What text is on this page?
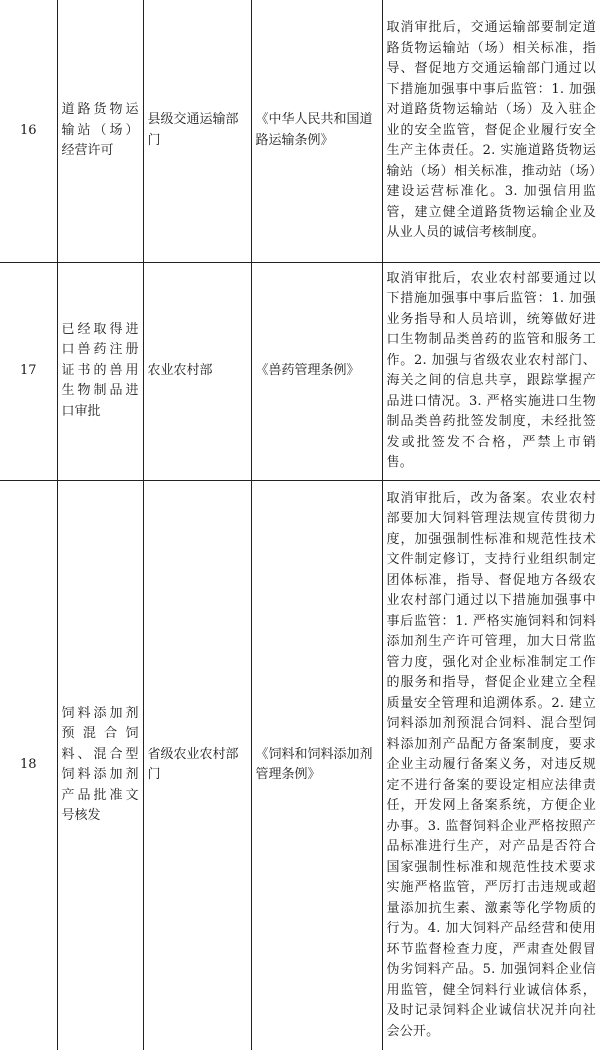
16	道路货物运输站（场）经营许可	县级交通运输部门	《中华人民共和国道路运输条例》	取消审批后，交通运输部要制定道路货物运输站（场）相关标准，指导、督促地方交通运输部门通过以下措施加强事中事后监管：1. 加强对道路货物运输站（场）及入驻企业的安全监管，督促企业履行安全生产主体责任。2. 实施道路货物运输站（场）相关标准，推动站（场）建设运营标准化。3. 加强信用监管，建立健全道路货物运输企业及从业人员的诚信考核制度。
17	已经取得进口兽药注册证书的兽用生物制品进口审批	农业农村部	《兽药管理条例》	取消审批后，农业农村部要通过以下措施加强事中事后监管：1. 加强业务指导和人员培训，统筹做好进口生物制品类兽药的监管和服务工作。2. 加强与省级农业农村部门、海关之间的信息共享，跟踪掌握产品进口情况。3. 严格实施进口生物制品类兽药批签发制度，未经批签发或批签发不合格，严禁上市销售。
18	饲料添加剂预混合饲料、混合型饲料添加剂产品批准文号核发	省级农业农村部门	《饲料和饲料添加剂管理条例》	取消审批后，改为备案。农业农村部要加大饲料管理法规宣传贯彻力度，加强强制性标准和规范性技术文件制定修订，支持行业组织制定团体标准，指导、督促地方各级农业农村部门通过以下措施加强事中事后监管：1. 严格实施饲料和饲料添加剂生产许可管理，加大日常监管力度，强化对企业标准制定工作的服务和指导，督促企业建立全程质量安全管理和追溯体系。2. 建立饲料添加剂预混合饲料、混合型饲料添加剂产品配方备案制度，要求企业主动履行备案义务，对违反规定不进行备案的要设定相应法律责任，开发网上备案系统，方便企业办事。3. 监督饲料企业严格按照产品标准进行生产，对产品是否符合国家强制性标准和规范性技术要求实施严格监管，严厉打击违规或超量添加抗生素、激素等化学物质的行为。4. 加大饲料产品经营和使用环节监督检查力度，严肃查处假冒伪劣饲料产品。5. 加强饲料企业信用监管，健全饲料行业诚信体系，及时记录饲料企业诚信状况并向社会公开。
